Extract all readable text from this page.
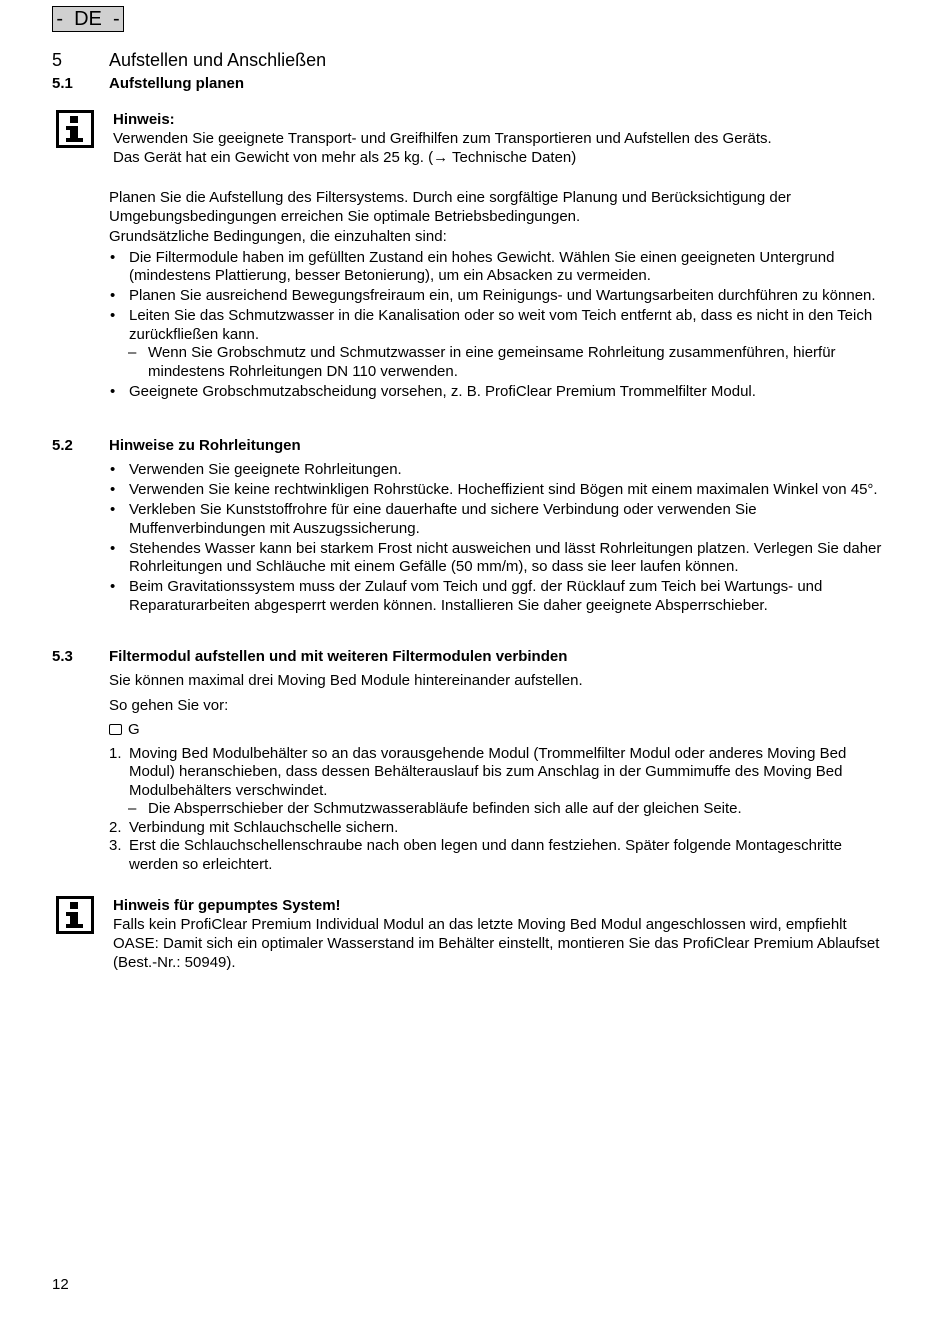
-  DE  -
5	Aufstellen und Anschließen
5.1 Aufstellung planen
Hinweis:
Verwenden Sie geeignete Transport- und Greifhilfen zum Transportieren und Aufstellen des Geräts.
Das Gerät hat ein Gewicht von mehr als 25 kg. (→ Technische Daten)

Planen Sie die Aufstellung des Filtersystems. Durch eine sorgfältige Planung und Berücksichtigung der Umgebungsbedingungen erreichen Sie optimale Betriebsbedingungen.

Grundsätzliche Bedingungen, die einzuhalten sind:

• Die Filtermodule haben im gefüllten Zustand ein hohes Gewicht. Wählen Sie einen geeigneten Untergrund (mindestens Plattierung, besser Betonierung), um ein Absacken zu vermeiden.
• Planen Sie ausreichend Bewegungsfreiraum ein, um Reinigungs- und Wartungsarbeiten durchführen zu können.
• Leiten Sie das Schmutzwasser in die Kanalisation oder so weit vom Teich entfernt ab, dass es nicht in den Teich zurückfließen kann.
– Wenn Sie Grobschmutz und Schmutzwasser in eine gemeinsame Rohrleitung zusammenführen, hierfür mindestens Rohrleitungen DN 110 verwenden.
• Geeignete Grobschmutzabscheidung vorsehen, z. B. ProfiClear Premium Trommelfilter Modul.
5.2 Hinweise zu Rohrleitungen
• Verwenden Sie geeignete Rohrleitungen.
• Verwenden Sie keine rechtwinkligen Rohrstücke. Hocheffizient sind Bögen mit einem maximalen Winkel von 45°.
• Verkleben Sie Kunststoffrohre für eine dauerhafte und sichere Verbindung oder verwenden Sie Muffenverbindungen mit Auszugssicherung.
• Stehendes Wasser kann bei starkem Frost nicht ausweichen und lässt Rohrleitungen platzen. Verlegen Sie daher Rohrleitungen und Schläuche mit einem Gefälle (50 mm/m), so dass sie leer laufen können.
• Beim Gravitationssystem muss der Zulauf vom Teich und ggf. der Rücklauf zum Teich bei Wartungs- und Reparaturarbeiten abgesperrt werden können. Installieren Sie daher geeignete Absperrschieber.
5.3 Filtermodul aufstellen und mit weiteren Filtermodulen verbinden

Sie können maximal drei Moving Bed Module hintereinander aufstellen.

So gehen Sie vor:

G

1. Moving Bed Modulbehälter so an das vorausgehende Modul (Trommelfilter Modul oder anderes Moving Bed Modul) heranschieben, dass dessen Behälterauslauf bis zum Anschlag in der Gummimuffe des Moving Bed Modulbehälters verschwindet.
– Die Absperrschieber der Schmutzwasserabläufe befinden sich alle auf der gleichen Seite.
2. Verbindung mit Schlauchschelle sichern.
3. Erst die Schlauchschellenschraube nach oben legen und dann festziehen. Später folgende Montageschritte werden so erleichtert.
Hinweis für gepumptes System!
Falls kein ProfiClear Premium Individual Modul an das letzte Moving Bed Modul angeschlossen wird, empfiehlt OASE: Damit sich ein optimaler Wasserstand im Behälter einstellt, montieren Sie das ProfiClear Premium Ablaufset (Best.-Nr.: 50949).
12
